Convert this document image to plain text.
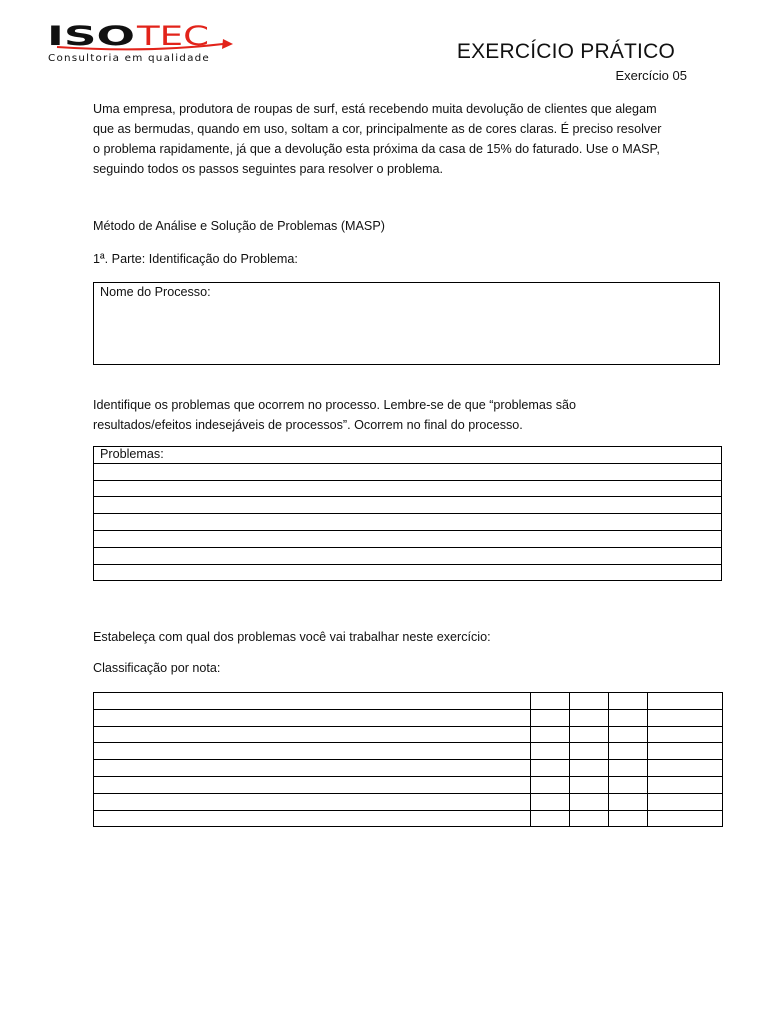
ISO TEC
Consultoria em qualidade	EXERCÍCIO PRÁTICO
Exercício 05
Uma empresa, produtora de roupas de surf, está recebendo muita devolução de clientes que alegam
que as bermudas, quando em uso, soltam a cor, principalmente as de cores claras. É preciso resolver
o problema rapidamente, já que a devolução esta próxima da casa de 15% do faturado. Use o MASP,
seguindo todos os passos seguintes para resolver o problema.
Método de Análise e Solução de Problemas (MASP)
1ª. Parte: Identificação do Problema:
Nome do Processo:
Identifique os problemas que ocorrem no processo. Lembre-se de que “problemas são
resultados/efeitos indesejáveis de processos”. Ocorrem no final do processo.
Problemas:

Estabeleça com qual dos problemas você vai trabalhar neste exercício:
Classificação por nota:
